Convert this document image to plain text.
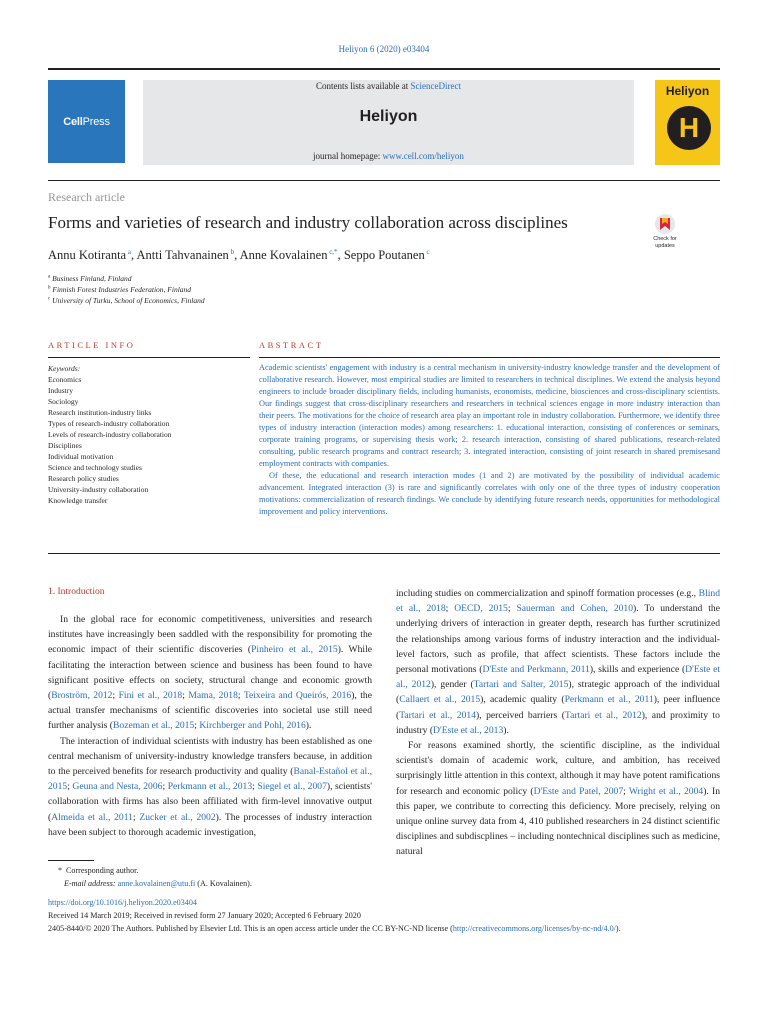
Heliyon 6 (2020) e03404
Cell Press
Contents lists available at ScienceDirect
Heliyon
journal homepage: www.cell.com/heliyon
Heliyon
H
Research article
Forms and varieties of research and industry collaboration across disciplines
Check for
updates
Annu Kotiranta $^a$, Antti Tahvanainen $^b$, Anne Kovalainen $^{c,*}$, Seppo Poutanen $^c$
$^a$ Business Finland, Finland
$^b$ Finnish Forest Industries Federation, Finland
$^c$ University of Turku, School of Economics, Finland
ARTICLE INFO	ABSTRACT
Keywords:
Economics
Industry
Sociology
Research institution-industry links
Types of research-industry collaboration
Levels of research-industry collaboration
Disciplines
Individual motivation
Science and technology studies
Research policy studies
University-industry collaboration
Knowledge transfer

Academic scientists' engagement with industry is a central mechanism in university-industry knowledge transfer and the development of collaborative research. However, most empirical studies are limited to researchers in technical disciplines. We extend the analysis beyond engineers to include broader disciplinary fields, including humanists, economists, medicine, biosciences and cross-disciplinary scientists. Our findings suggest that cross-disciplinary researchers and researchers in technical sciences engage in more industry interaction than their peers. The motivations for the choice of research area play an important role in industry collaboration. Furthermore, we identify three types of industry interaction (interaction modes) among researchers: 1. educational interaction, consisting of conferences or seminars, corporate training programs, or supervising thesis work; 2. research interaction, consisting of shared publications, research-related consulting, public research programs and contract research; 3. integrated interaction, consisting of joint research in shared premisesand employment contracts with companies.

Of these, the educational and research interaction modes (1 and 2) are motivated by the possibility of individual academic advancement. Integrated interaction (3) is rare and significantly correlates with only one of the three types of industry cooperation motivations: commercialization of research findings. We conclude by identifying future research needs, opportunities for methodological improvement and policy interventions.

1. Introduction

In the global race for economic competitiveness, universities and research institutes have increasingly been saddled with the responsibility for promoting the economic impact of their scientific discoveries (Pinheiro et al., 2015). While facilitating the interaction between science and business has been found to have significant positive effects on society, structural change and economic growth (Broström, 2012; Fini et al., 2018; Mama, 2018; Teixeira and Queirós, 2016), the actual transfer mechanisms of scientific discoveries into societal use still need further analysis (Bozeman et al., 2015; Kirchberger and Pohl, 2016).

The interaction of individual scientists with industry has been established as one central mechanism of university-industry knowledge transfers because, in addition to the perceived benefits for research productivity and quality (Banal-Estañol et al., 2015; Geuna and Nesta, 2006; Perkmann et al., 2013; Siegel et al., 2007), scientists' collaboration with firms has also been affiliated with firm-level innovative output (Almeida et al., 2011; Zucker et al., 2002). The processes of industry interaction have been subject to thorough academic investigation,

including studies on commercialization and spinoff formation processes (e.g., Blind et al., 2018; OECD, 2015; Sauerman and Cohen, 2010). To understand the underlying drivers of interaction in greater depth, research has further scrutinized the relationships among various forms of industry interaction and the individual-level factors, such as profile, that affect scientists. These factors include the personal motivations (D'Este and Perkmann, 2011), skills and experience (D'Este et al., 2012), gender (Tartari and Salter, 2015), strategic approach of the individual (Callaert et al., 2015), academic quality (Perkmann et al., 2011), peer influence (Tartari et al., 2014), perceived barriers (Tartari et al., 2012), and proximity to industry (D'Este et al., 2013).

For reasons examined shortly, the scientific discipline, as the individual scientist's domain of academic work, culture, and ambition, has received surprisingly little attention in this context, although it may have potent ramifications for research and economic policy (D'Este and Patel, 2007; Wright et al., 2004). In this paper, we contribute to correcting this deficiency. More precisely, relying on unique online survey data from 4, 410 published researchers in 24 distinct scientific disciplines and subdiscplines – including nontechnical disciplines such as medicine, natural

* Corresponding author.
E-mail address: anne.kovalainen@utu.fi (A. Kovalainen).
https://doi.org/10.1016/j.heliyon.2020.e03404
Received 14 March 2019; Received in revised form 27 January 2020; Accepted 6 February 2020
2405-8440/© 2020 The Authors. Published by Elsevier Ltd. This is an open access article under the CC BY-NC-ND license (http://creativecommons.org/licenses/by-nc-nd/4.0/).
